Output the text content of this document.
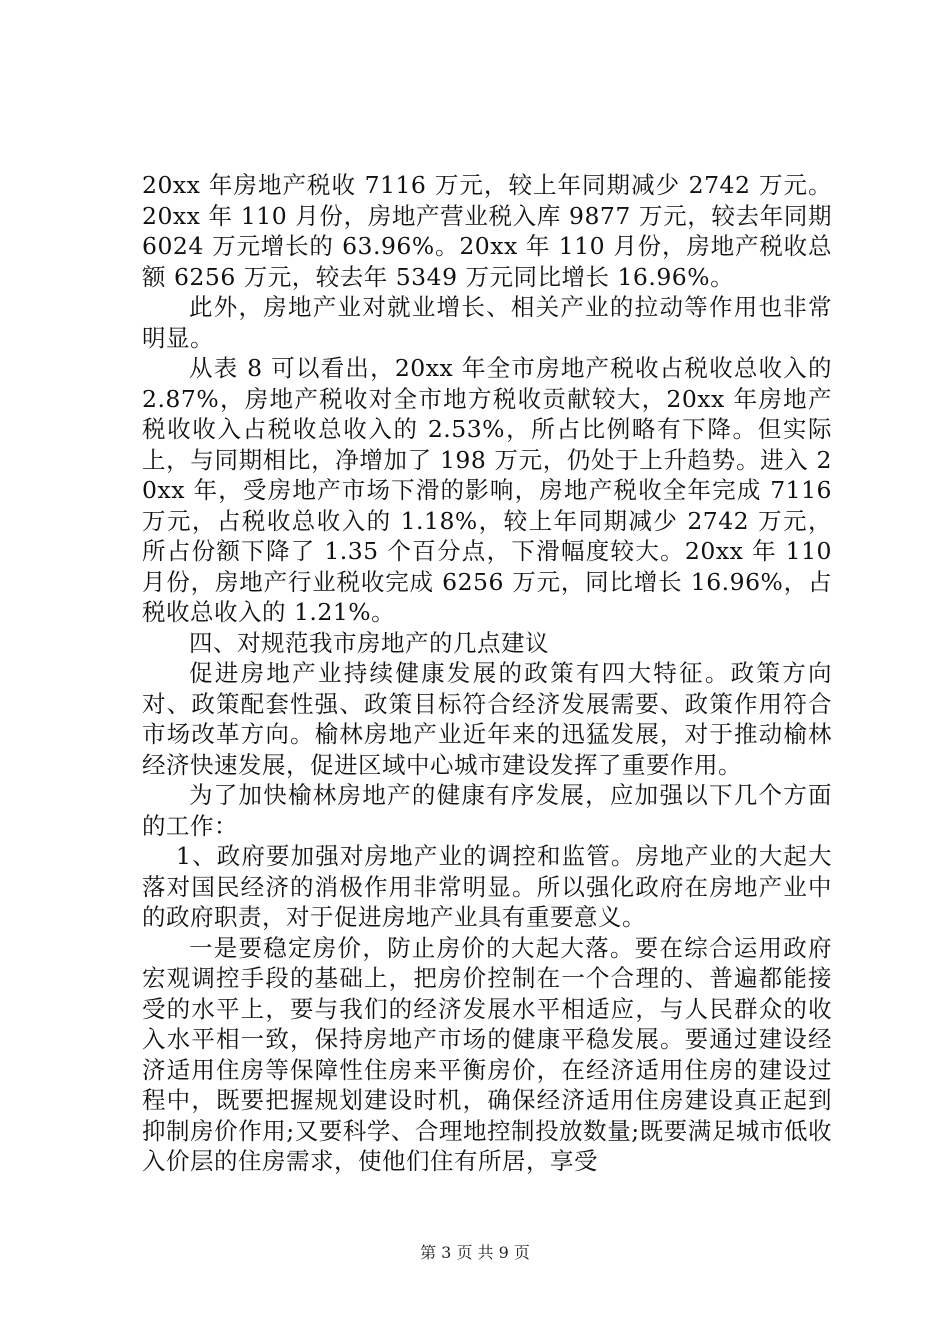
20xx 年房地产税收 7116 万元，较上年同期减少 2742 万元。20xx 年 110 月份，房地产营业税入库 9877 万元，较去年同期 6024 万元增长的 63.96%。20xx 年 110 月份，房地产税收总额 6256 万元，较去年 5349 万元同比增长 16.96%。

此外，房地产业对就业增长、相关产业的拉动等作用也非常明显。

从表 8 可以看出，20xx 年全市房地产税收占税收总收入的 2.87%，房地产税收对全市地方税收贡献较大，20xx 年房地产税收收入占税收总收入的 2.53%，所占比例略有下降。但实际上，与同期相比，净增加了 198 万元，仍处于上升趋势。进入 20xx 年，受房地产市场下滑的影响，房地产税收全年完成 7116 万元，占税收总收入的 1.18%，较上年同期减少 2742 万元，所占份额下降了 1.35 个百分点，下滑幅度较大。20xx 年 110 月份，房地产行业税收完成 6256 万元，同比增长 16.96%，占税收总收入的 1.21%。

四、对规范我市房地产的几点建议

促进房地产业持续健康发展的政策有四大特征。政策方向对、政策配套性强、政策目标符合经济发展需要、政策作用符合市场改革方向。榆林房地产业近年来的迅猛发展，对于推动榆林经济快速发展，促进区域中心城市建设发挥了重要作用。

为了加快榆林房地产的健康有序发展，应加强以下几个方面的工作：

1、政府要加强对房地产业的调控和监管。房地产业的大起大落对国民经济的消极作用非常明显。所以强化政府在房地产业中的政府职责，对于促进房地产业具有重要意义。

一是要稳定房价，防止房价的大起大落。要在综合运用政府宏观调控手段的基础上，把房价控制在一个合理的、普遍都能接受的水平上，要与我们的经济发展水平相适应，与人民群众的收入水平相一致，保持房地产市场的健康平稳发展。要通过建设经济适用住房等保障性住房来平衡房价，在经济适用住房的建设过程中，既要把握规划建设时机，确保经济适用住房建设真正起到抑制房价作用;又要科学、合理地控制投放数量;既要满足城市低收入价层的住房需求，使他们住有所居，享受

第 3 页 共 9 页
